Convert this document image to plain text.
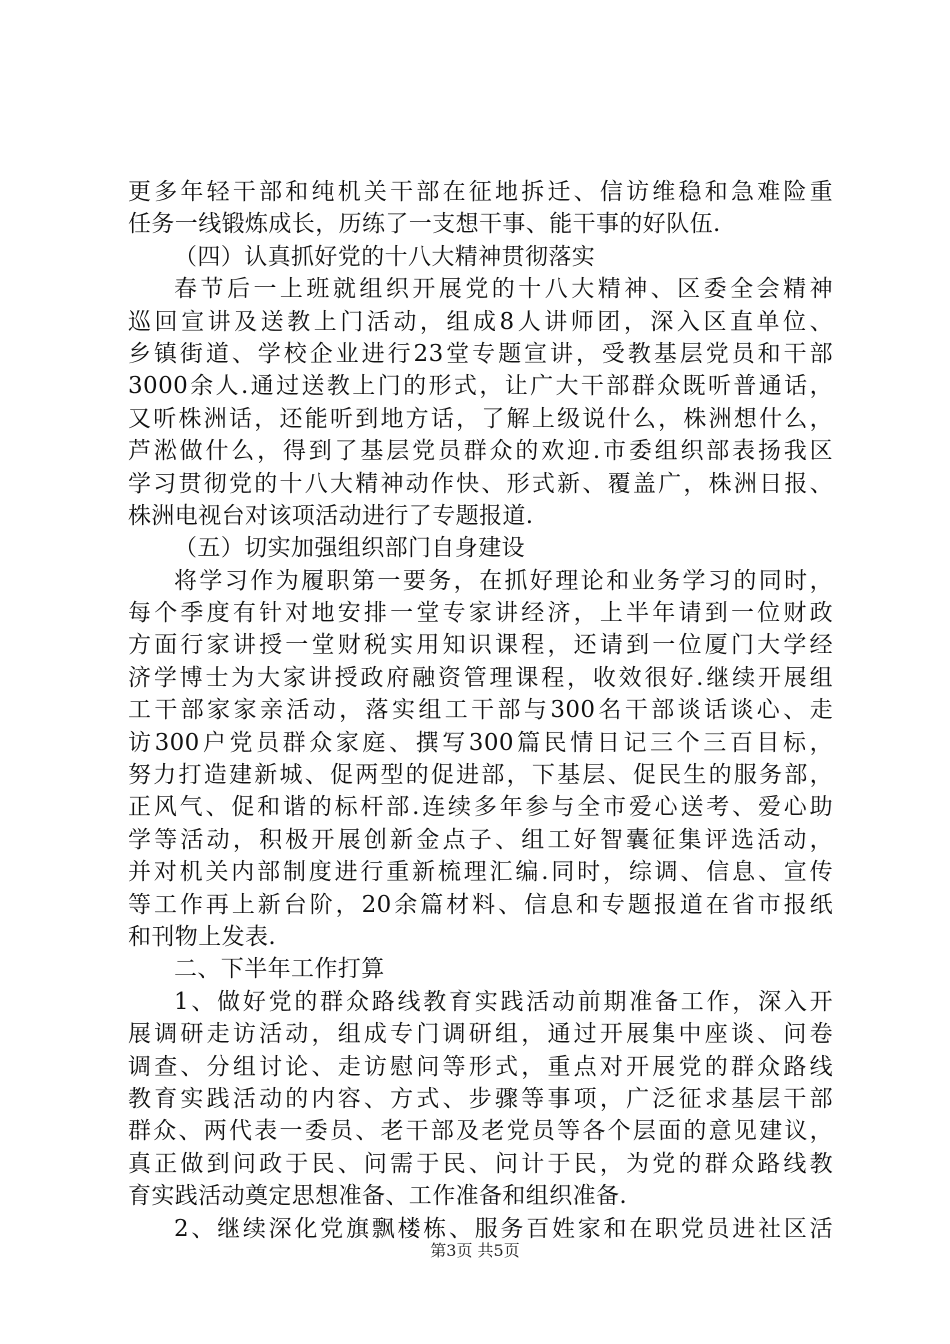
更多年轻干部和纯机关干部在征地拆迁、信访维稳和急难险重
任务一线锻炼成长，历练了一支想干事、能干事的好队伍.
（四）认真抓好党的十八大精神贯彻落实
春节后一上班就组织开展党的十八大精神、区委全会精神
巡回宣讲及送教上门活动，组成8人讲师团，深入区直单位、
乡镇街道、学校企业进行23堂专题宣讲，受教基层党员和干部
3000余人.通过送教上门的形式，让广大干部群众既听普通话，
又听株洲话，还能听到地方话，了解上级说什么，株洲想什么，
芦淞做什么，得到了基层党员群众的欢迎.市委组织部表扬我区
学习贯彻党的十八大精神动作快、形式新、覆盖广，株洲日报、
株洲电视台对该项活动进行了专题报道.
（五）切实加强组织部门自身建设
将学习作为履职第一要务，在抓好理论和业务学习的同时，
每个季度有针对地安排一堂专家讲经济，上半年请到一位财政
方面行家讲授一堂财税实用知识课程，还请到一位厦门大学经
济学博士为大家讲授政府融资管理课程，收效很好.继续开展组
工干部家家亲活动，落实组工干部与300名干部谈话谈心、走
访300户党员群众家庭、撰写300篇民情日记三个三百目标，
努力打造建新城、促两型的促进部，下基层、促民生的服务部，
正风气、促和谐的标杆部.连续多年参与全市爱心送考、爱心助
学等活动，积极开展创新金点子、组工好智囊征集评选活动，
并对机关内部制度进行重新梳理汇编.同时，综调、信息、宣传
等工作再上新台阶，20余篇材料、信息和专题报道在省市报纸
和刊物上发表.
二、下半年工作打算
1、做好党的群众路线教育实践活动前期准备工作，深入开
展调研走访活动，组成专门调研组，通过开展集中座谈、问卷
调查、分组讨论、走访慰问等形式，重点对开展党的群众路线
教育实践活动的内容、方式、步骤等事项，广泛征求基层干部
群众、两代表一委员、老干部及老党员等各个层面的意见建议，
真正做到问政于民、问需于民、问计于民，为党的群众路线教
育实践活动奠定思想准备、工作准备和组织准备.
2、继续深化党旗飘楼栋、服务百姓家和在职党员进社区活
第3页 共5页
